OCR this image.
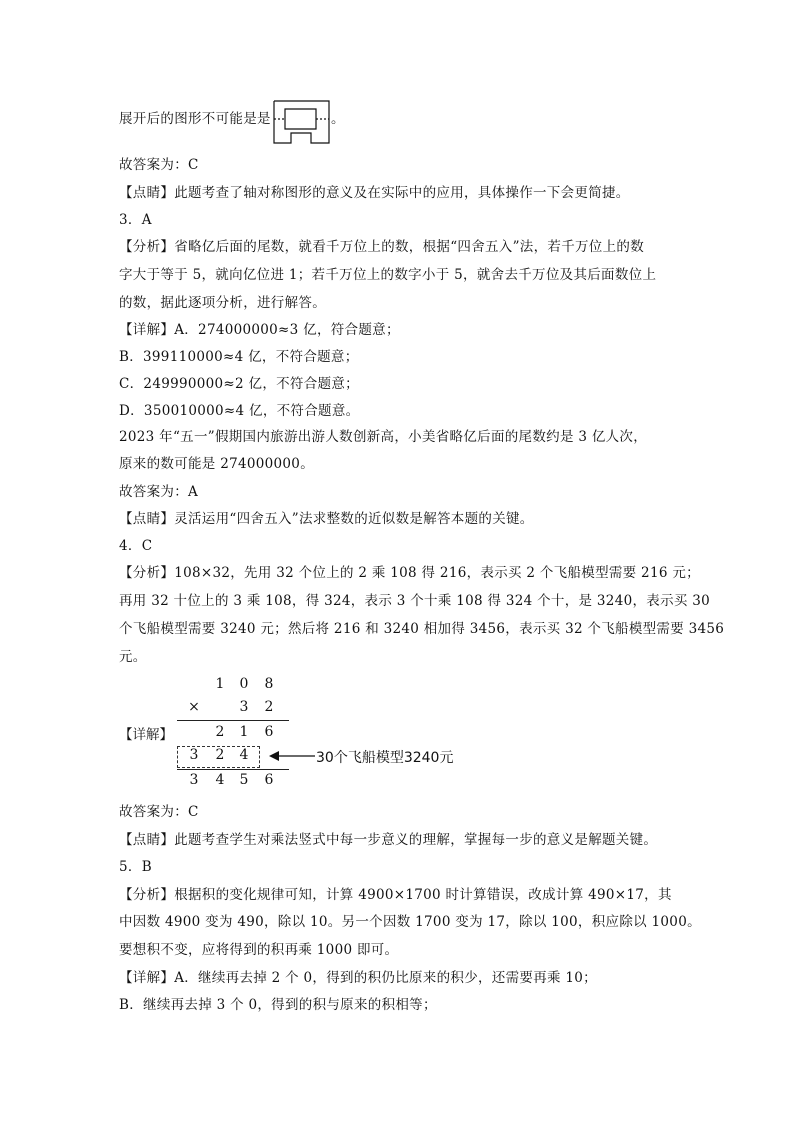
展开后的图形不可能是是	。
故答案为：C
【点睛】此题考查了轴对称图形的意义及在实际中的应用，具体操作一下会更简捷。
3．A
【分析】省略亿后面的尾数，就看千万位上的数，根据“四舍五入”法，若千万位上的数
字大于等于 5，就向亿位进 1；若千万位上的数字小于 5，就舍去千万位及其后面数位上
的数，据此逐项分析，进行解答。
【详解】A．274000000≈3 亿，符合题意；
B．399110000≈4 亿，不符合题意；
C．249990000≈2 亿，不符合题意；
D．350010000≈4 亿，不符合题意。
2023 年“五一”假期国内旅游出游人数创新高，小美省略亿后面的尾数约是 3 亿人次，
原来的数可能是 274000000。
故答案为：A
【点睛】灵活运用“四舍五入”法求整数的近似数是解答本题的关键。
4．C
【分析】108×32，先用 32 个位上的 2 乘 108 得 216，表示买 2 个飞船模型需要 216 元；
再用 32 十位上的 3 乘 108，得 324，表示 3 个十乘 108 得 324 个十，是 3240，表示买 30
个飞船模型需要 3240 元；然后将 216 和 3240 相加得 3456，表示买 32 个飞船模型需要 3456
元。
【详解】
1 0 8
×	3 2
2 1 6
3 2 4
3 4 5 6
30个飞船模型3240元
故答案为：C
【点睛】此题考查学生对乘法竖式中每一步意义的理解，掌握每一步的意义是解题关键。
5．B
【分析】根据积的变化规律可知，计算 4900×1700 时计算错误，改成计算 490×17，其
中因数 4900 变为 490，除以 10。另一个因数 1700 变为 17，除以 100，积应除以 1000。
要想积不变，应将得到的积再乘 1000 即可。
【详解】A．继续再去掉 2 个 0，得到的积仍比原来的积少，还需要再乘 10；
B．继续再去掉 3 个 0，得到的积与原来的积相等；
